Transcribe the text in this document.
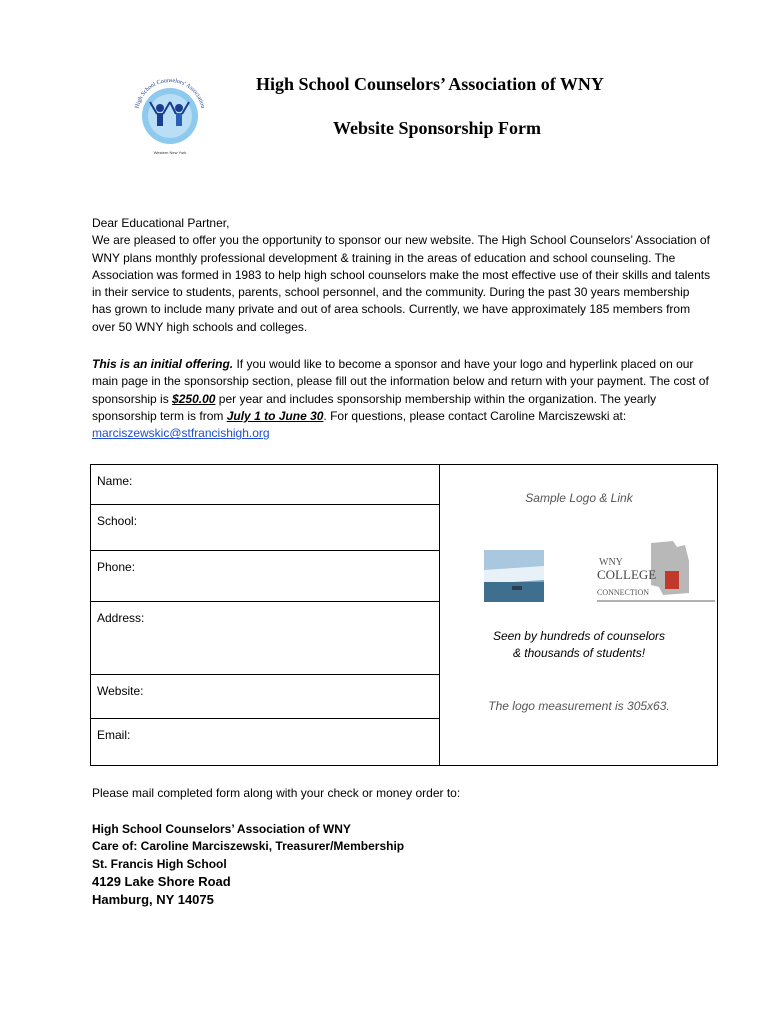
High School Counselors' Association
Western New York
High School Counselors’ Association of WNY
Website Sponsorship Form

Dear Educational Partner,

We are pleased to offer you the opportunity to sponsor our new website. The High School Counselors’ Association of WNY plans monthly professional development & training in the areas of education and school counseling. The Association was formed in 1983 to help high school counselors make the most effective use of their skills and talents in their service to students, parents, school personnel, and the community. During the past 30 years membership has grown to include many private and out of area schools. Currently, we have approximately 185 members from over 50 WNY high schools and colleges.

This is an initial offering. If you would like to become a sponsor and have your logo and hyperlink placed on our main page in the sponsorship section, please fill out the information below and return with your payment. The cost of sponsorship is $250.00 per year and includes sponsorship membership within the organization. The yearly sponsorship term is from July 1 to June 30. For questions, please contact Caroline Marciszewski at: marciszewskic@stfrancishigh.org

Name:
School:
Phone:
Address:
Website:
Email:
Sample Logo & Link
WNY
COLLEGE
CONNECTION
Seen by hundreds of counselors
& thousands of students!
The logo measurement is 305x63.
Please mail completed form along with your check or money order to:
High School Counselors’ Association of WNY
Care of: Caroline Marciszewski, Treasurer/Membership
St. Francis High School
4129 Lake Shore Road
Hamburg, NY 14075
